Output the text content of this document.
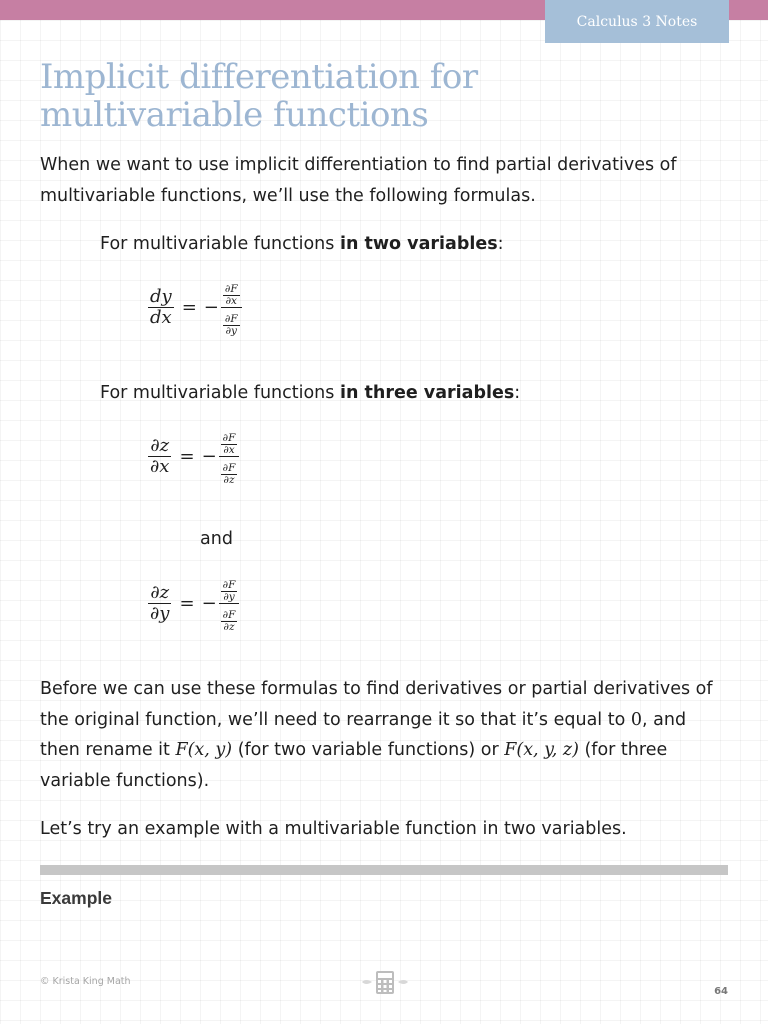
Calculus 3 Notes
Implicit differentiation for
multivariable functions

When we want to use implicit differentiation to find partial derivatives of multivariable functions, we’ll use the following formulas.

For multivariable functions in two variables:

$\frac{dy}{dx}$ = − $\frac{\frac{\partial F}{\partial x}}{\frac{\partial F}{\partial y}}$

For multivariable functions in three variables:

$\frac{\partial z}{\partial x}$ = − $\frac{\frac{\partial F}{\partial x}}{\frac{\partial F}{\partial z}}$

and

$\frac{\partial z}{\partial y}$ = − $\frac{\frac{\partial F}{\partial y}}{\frac{\partial F}{\partial z}}$

Before we can use these formulas to find derivatives or partial derivatives of the original function, we’ll need to rearrange it so that it’s equal to 0, and then rename it F(x, y) (for two variable functions) or F(x, y, z) (for three variable functions).

Let’s try an example with a multivariable function in two variables.

Example

© Krista King Math

64
